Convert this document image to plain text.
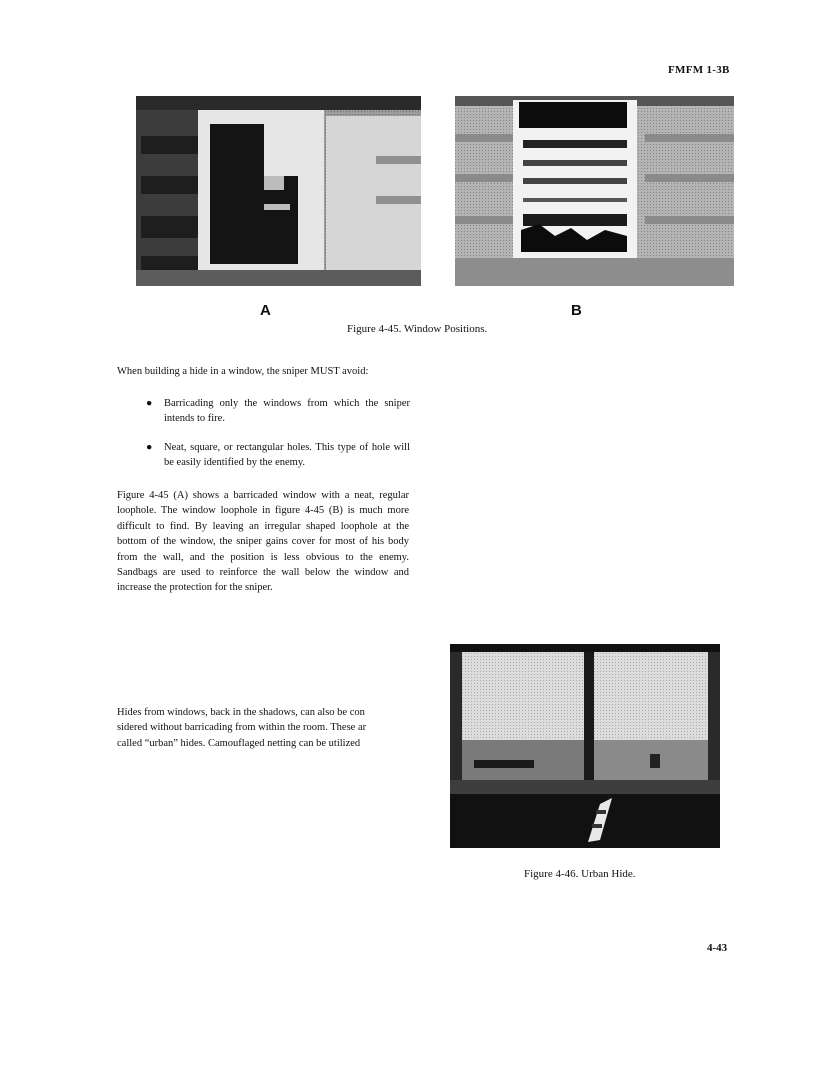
FMFM 1-3B
A	B
Figure 4-45. Window Positions.
When building a hide in a window, the sniper MUST avoid:
● Barricading only the windows from which the sniper intends to fire.
● Neat, square, or rectangular holes. This type of hole will be easily identified by the enemy.
Figure 4-45 (A) shows a barricaded window with a neat, regular loophole. The window loophole in figure 4-45 (B) is much more difficult to find. By leaving an irregular shaped loophole at the bottom of the window, the sniper gains cover for most of his body from the wall, and the position is less obvious to the enemy. Sandbags are used to reinforce the wall below the window and increase the protection for the sniper.
Hides from windows, back in the shadows, can also be con
sidered without barricading from within the room. These ar
called “urban” hides. Camouflaged netting can be utilized
Figure 4-46. Urban Hide.
4-43
